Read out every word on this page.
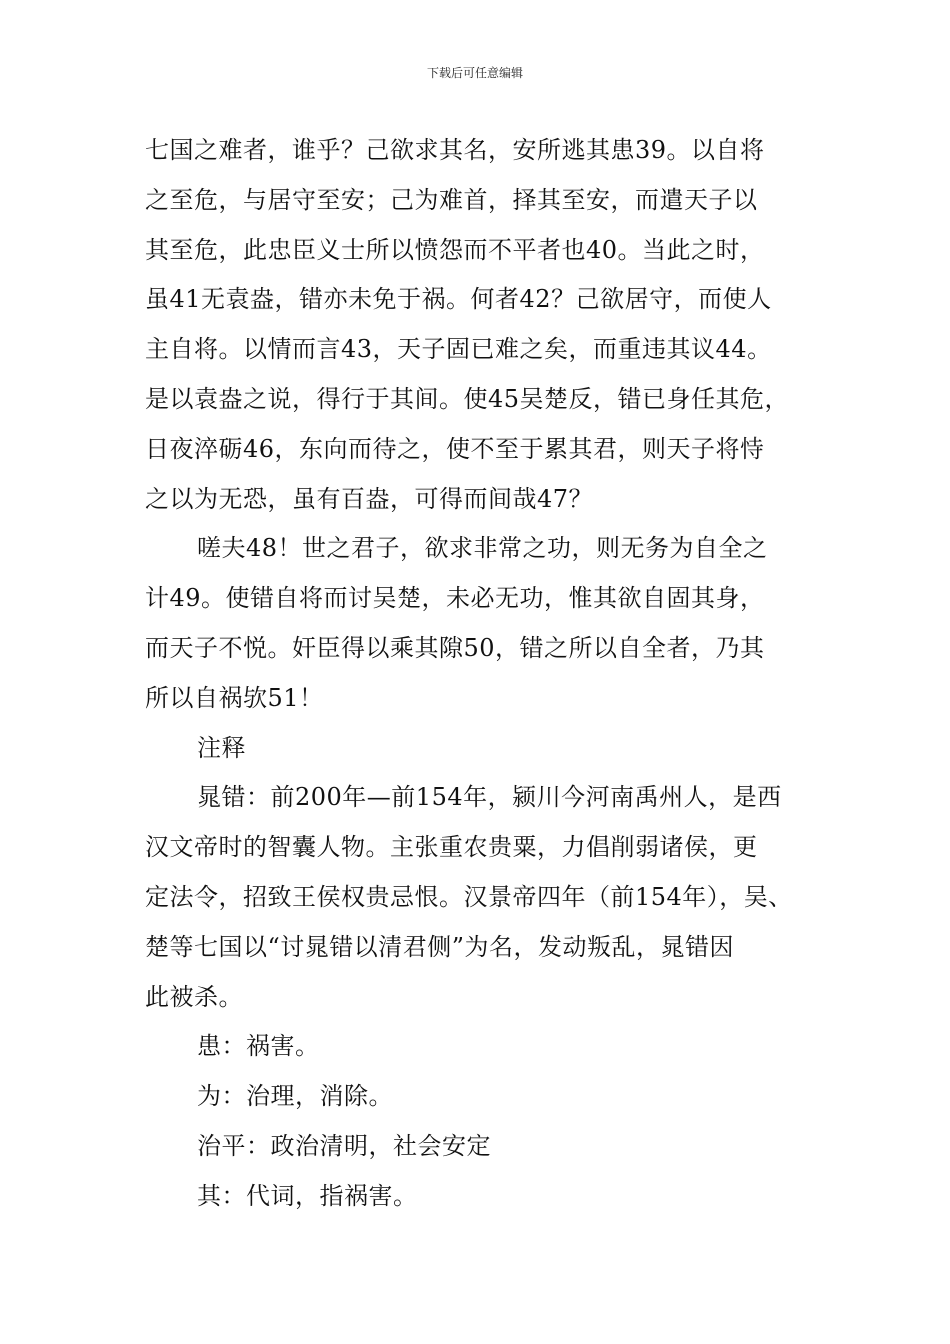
下载后可任意编辑
七国之难者，谁乎？己欲求其名，安所逃其患39。以自将
之至危，与居守至安；己为难首，择其至安，而遣天子以
其至危，此忠臣义士所以愤怨而不平者也40。当此之时，
虽41无袁盎，错亦未免于祸。何者42？己欲居守，而使人
主自将。以情而言43，天子固已难之矣，而重违其议44。
是以袁盎之说，得行于其间。使45吴楚反，错已身任其危，
日夜淬砺46，东向而待之，使不至于累其君，则天子将恃
之以为无恐，虽有百盎，可得而间哉47？
嗟夫48！世之君子，欲求非常之功，则无务为自全之
计49。使错自将而讨吴楚，未必无功，惟其欲自固其身，
而天子不悦。奸臣得以乘其隙50，错之所以自全者，乃其
所以自祸欤51！
注释
晁错：前200年—前154年，颍川今河南禹州人，是西
汉文帝时的智囊人物。主张重农贵粟，力倡削弱诸侯，更
定法令，招致王侯权贵忌恨。汉景帝四年（前154年），吴、
楚等七国以“讨晁错以清君侧”为名，发动叛乱，晁错因
此被杀。
患：祸害。
为：治理，消除。
治平：政治清明，社会安定
其：代词，指祸害。
